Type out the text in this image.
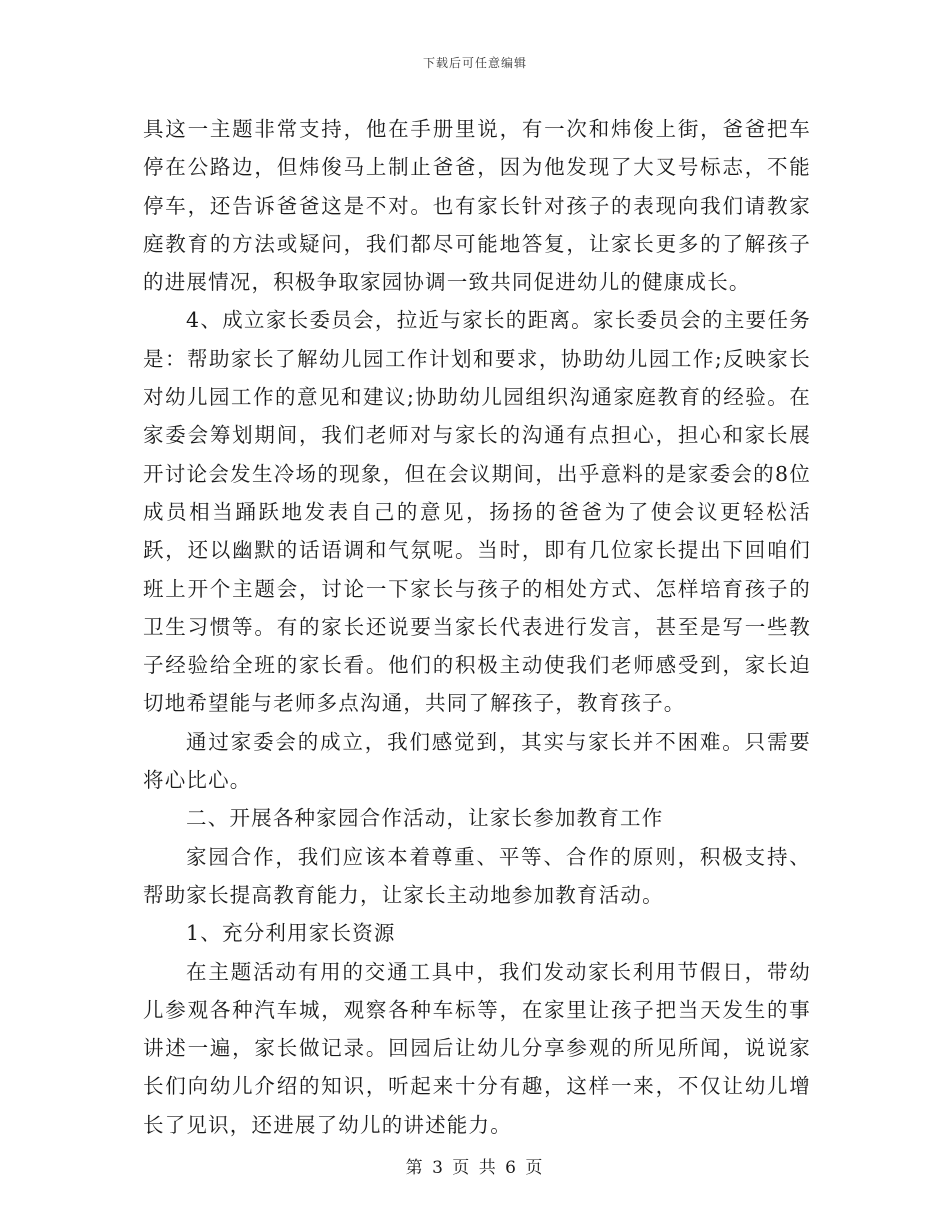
下载后可任意编辑

具这一主题非常支持，他在手册里说，有一次和炜俊上街，爸爸把车停在公路边，但炜俊马上制止爸爸，因为他发现了大叉号标志，不能停车，还告诉爸爸这是不对。也有家长针对孩子的表现向我们请教家庭教育的方法或疑问，我们都尽可能地答复，让家长更多的了解孩子的进展情况，积极争取家园协调一致共同促进幼儿的健康成长。

4、成立家长委员会，拉近与家长的距离。家长委员会的主要任务是：帮助家长了解幼儿园工作计划和要求，协助幼儿园工作;反映家长对幼儿园工作的意见和建议;协助幼儿园组织沟通家庭教育的经验。在家委会筹划期间，我们老师对与家长的沟通有点担心，担心和家长展开讨论会发生冷场的现象，但在会议期间，出乎意料的是家委会的8位成员相当踊跃地发表自己的意见，扬扬的爸爸为了使会议更轻松活跃，还以幽默的话语调和气氛呢。当时，即有几位家长提出下回咱们班上开个主题会，讨论一下家长与孩子的相处方式、怎样培育孩子的卫生习惯等。有的家长还说要当家长代表进行发言，甚至是写一些教子经验给全班的家长看。他们的积极主动使我们老师感受到，家长迫切地希望能与老师多点沟通，共同了解孩子，教育孩子。

通过家委会的成立，我们感觉到，其实与家长并不困难。只需要将心比心。

二、开展各种家园合作活动，让家长参加教育工作

家园合作，我们应该本着尊重、平等、合作的原则，积极支持、帮助家长提高教育能力，让家长主动地参加教育活动。

1、充分利用家长资源

在主题活动有用的交通工具中，我们发动家长利用节假日，带幼儿参观各种汽车城，观察各种车标等，在家里让孩子把当天发生的事讲述一遍，家长做记录。回园后让幼儿分享参观的所见所闻，说说家长们向幼儿介绍的知识，听起来十分有趣，这样一来，不仅让幼儿增长了见识，还进展了幼儿的讲述能力。

第 3 页 共 6 页
